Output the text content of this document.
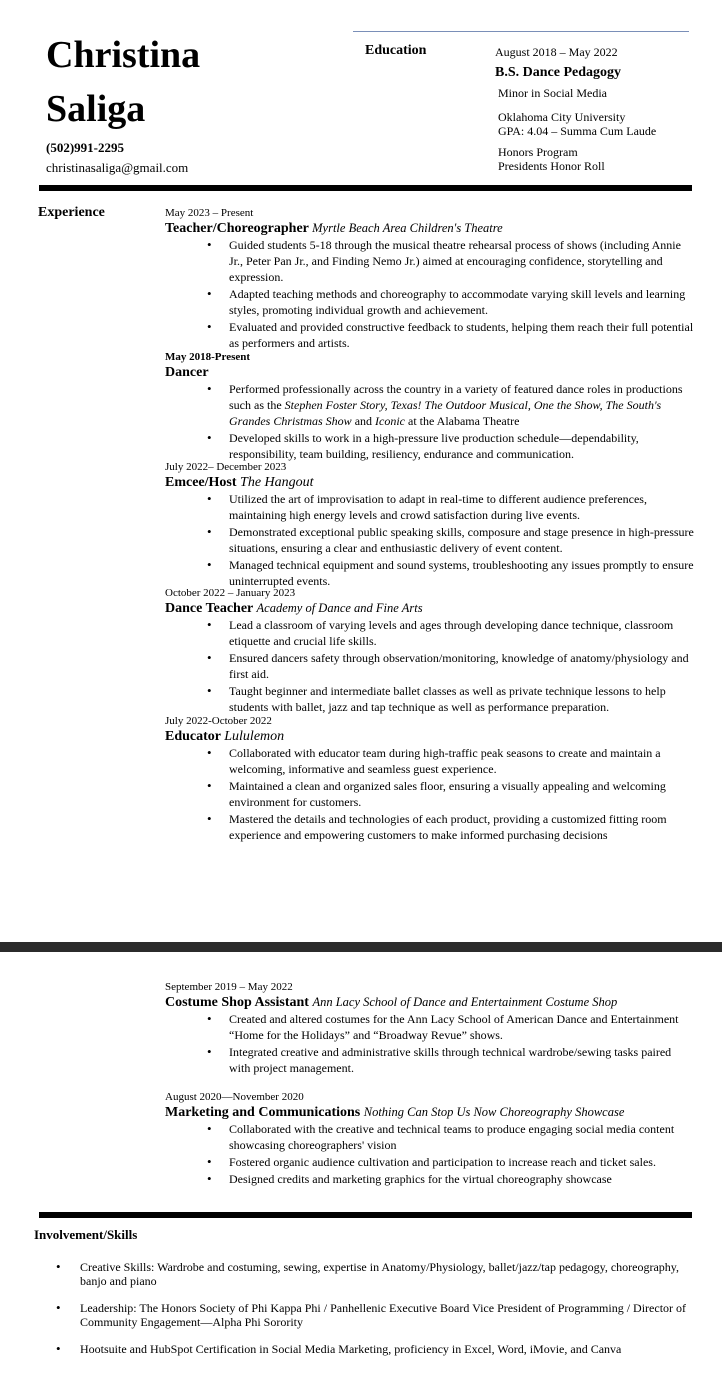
Christina
Saliga
(502)991-2295
christinasaliga@gmail.com
Education	August 2018 – May 2022
B.S. Dance Pedagogy
Minor in Social Media
Oklahoma City University
GPA: 4.04 – Summa Cum Laude
Honors Program
Presidents Honor Roll
Experience	May 2023 – Present
Teacher/Choreographer Myrtle Beach Area Children's Theatre
• Guided students 5-18 through the musical theatre rehearsal process of shows (including Annie Jr., Peter Pan Jr., and Finding Nemo Jr.) aimed at encouraging confidence, storytelling and expression.
• Adapted teaching methods and choreography to accommodate varying skill levels and learning styles, promoting individual growth and achievement.
• Evaluated and provided constructive feedback to students, helping them reach their full potential as performers and artists.
May 2018-Present
Dancer
• Performed professionally across the country in a variety of featured dance roles in productions such as the Stephen Foster Story, Texas! The Outdoor Musical, One the Show, The South's Grandes Christmas Show and Iconic at the Alabama Theatre
• Developed skills to work in a high-pressure live production schedule—dependability, responsibility, team building, resiliency, endurance and communication.
July 2022– December 2023
Emcee/Host The Hangout
• Utilized the art of improvisation to adapt in real-time to different audience preferences, maintaining high energy levels and crowd satisfaction during live events.
• Demonstrated exceptional public speaking skills, composure and stage presence in high-pressure situations, ensuring a clear and enthusiastic delivery of event content.
• Managed technical equipment and sound systems, troubleshooting any issues promptly to ensure uninterrupted events.
October 2022 – January 2023
Dance Teacher Academy of Dance and Fine Arts
• Lead a classroom of varying levels and ages through developing dance technique, classroom etiquette and crucial life skills.
• Ensured dancers safety through observation/monitoring, knowledge of anatomy/physiology and first aid.
• Taught beginner and intermediate ballet classes as well as private technique lessons to help students with ballet, jazz and tap technique as well as performance preparation.
July 2022-October 2022
Educator Lululemon
• Collaborated with educator team during high-traffic peak seasons to create and maintain a welcoming, informative and seamless guest experience.
• Maintained a clean and organized sales floor, ensuring a visually appealing and welcoming environment for customers.
• Mastered the details and technologies of each product, providing a customized fitting room experience and empowering customers to make informed purchasing decisions
September 2019 – May 2022
Costume Shop Assistant Ann Lacy School of Dance and Entertainment Costume Shop
• Created and altered costumes for the Ann Lacy School of American Dance and Entertainment “Home for the Holidays” and “Broadway Revue” shows.
• Integrated creative and administrative skills through technical wardrobe/sewing tasks paired with project management.
August 2020—November 2020
Marketing and Communications Nothing Can Stop Us Now Choreography Showcase
• Collaborated with the creative and technical teams to produce engaging social media content showcasing choreographers' vision
• Fostered organic audience cultivation and participation to increase reach and ticket sales.
• Designed credits and marketing graphics for the virtual choreography showcase
Involvement/Skills
• Creative Skills: Wardrobe and costuming, sewing, expertise in Anatomy/Physiology, ballet/jazz/tap pedagogy, choreography, banjo and piano
• Leadership: The Honors Society of Phi Kappa Phi / Panhellenic Executive Board Vice President of Programming / Director of Community Engagement—Alpha Phi Sorority
• Hootsuite and HubSpot Certification in Social Media Marketing, proficiency in Excel, Word, iMovie, and Canva
